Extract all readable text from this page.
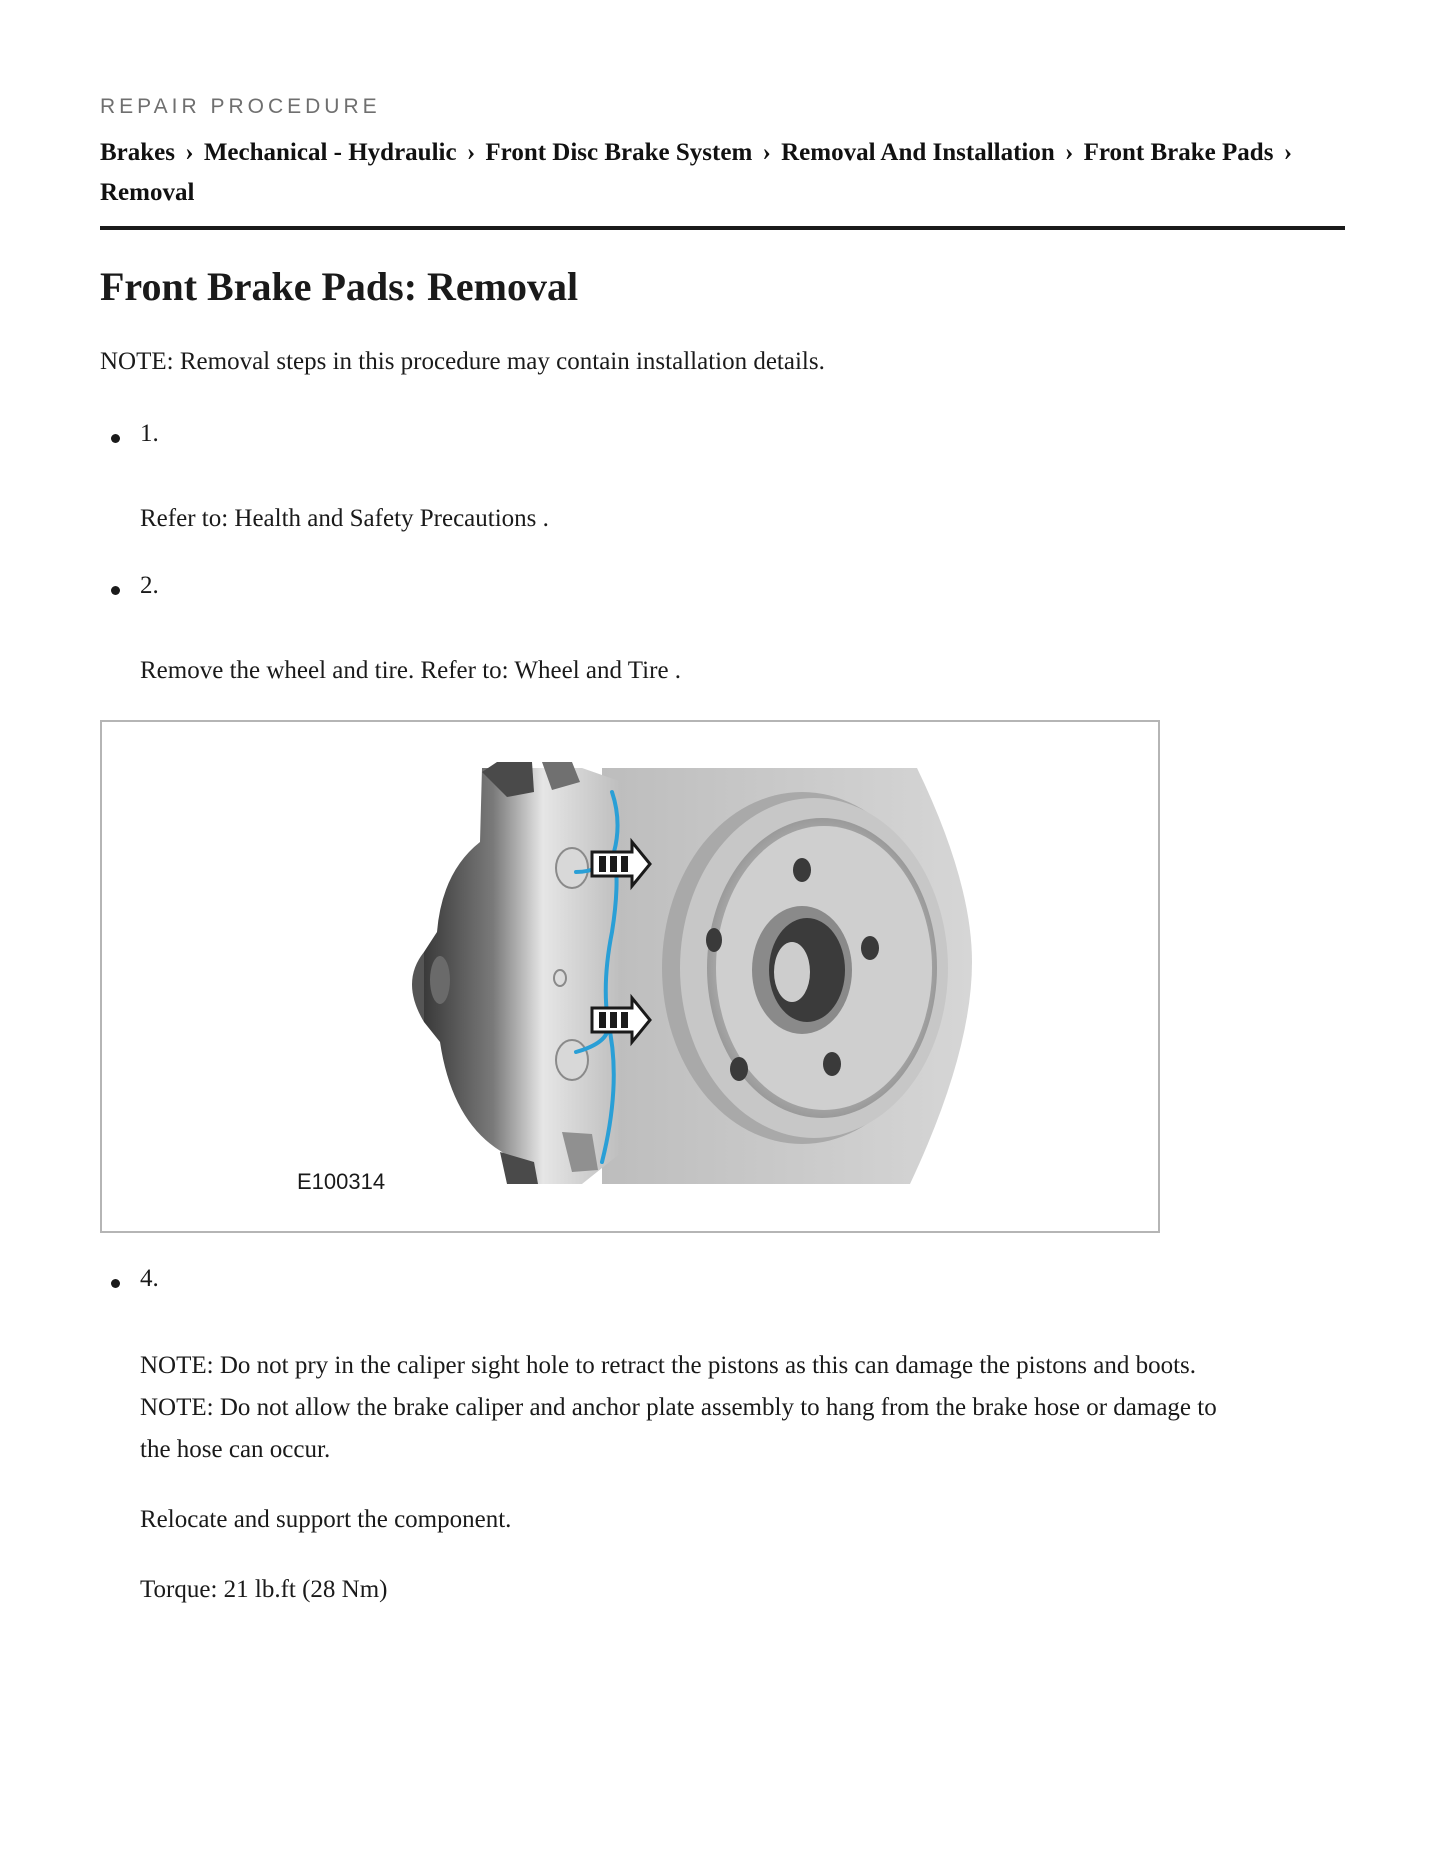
REPAIR PROCEDURE
Brakes › Mechanical - Hydraulic › Front Disc Brake System › Removal And Installation › Front Brake Pads › Removal
Front Brake Pads: Removal
NOTE: Removal steps in this procedure may contain installation details.
1.
Refer to: Health and Safety Precautions .
2.
Remove the wheel and tire. Refer to: Wheel and Tire .
E100314
4.
NOTE: Do not pry in the caliper sight hole to retract the pistons as this can damage the pistons and boots.
NOTE: Do not allow the brake caliper and anchor plate assembly to hang from the brake hose or damage to
the hose can occur.
Relocate and support the component.
Torque: 21 lb.ft (28 Nm)
